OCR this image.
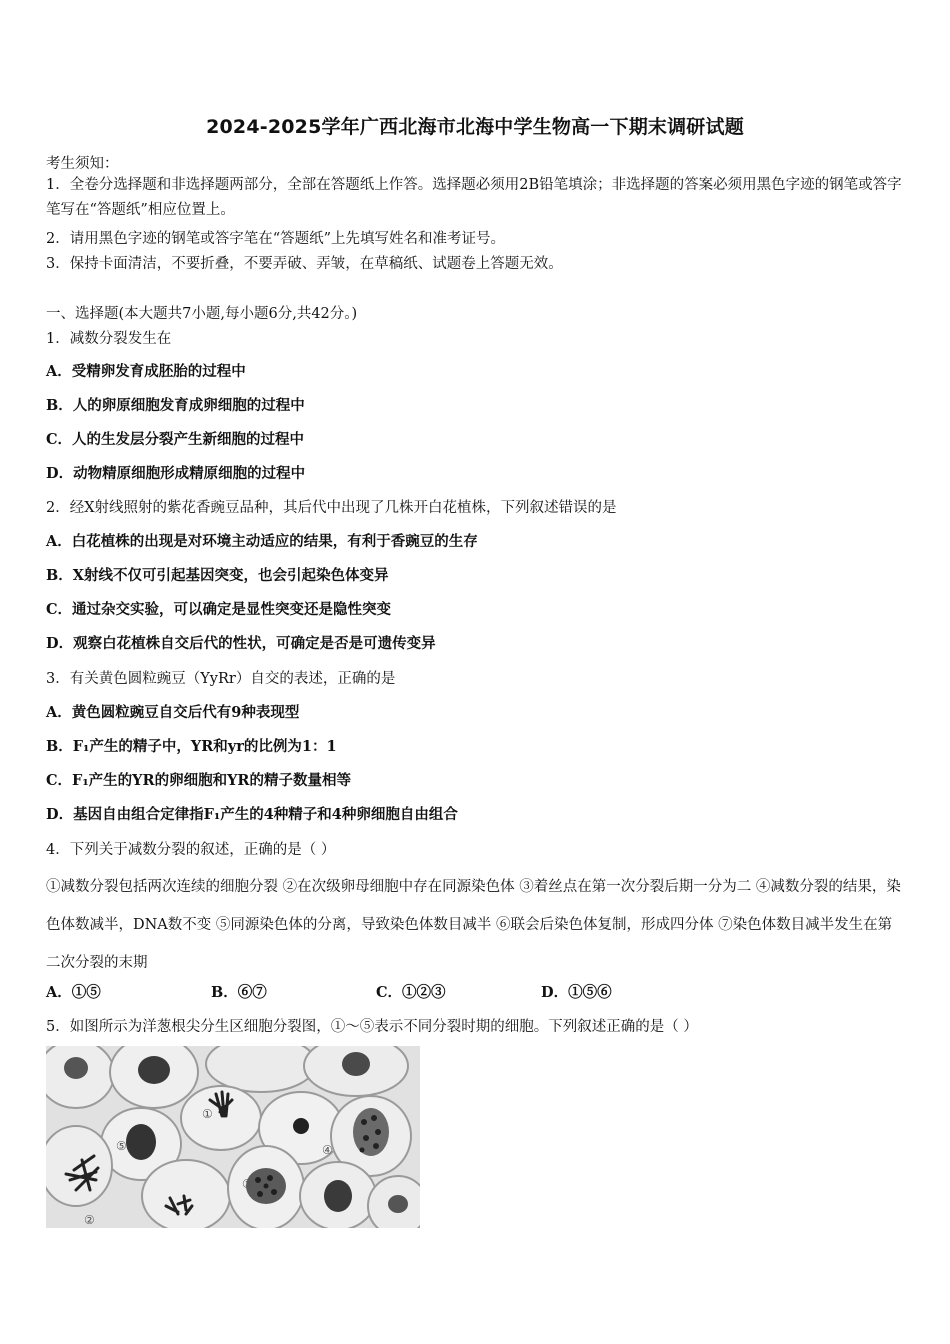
2024-2025学年广西北海市北海中学生物高一下期末调研试题
考生须知：
1．全卷分选择题和非选择题两部分，全部在答题纸上作答。选择题必须用2B铅笔填涂；非选择题的答案必须用黑色字迹的钢笔或答字笔写在“答题纸”相应位置上。
2．请用黑色字迹的钢笔或答字笔在“答题纸”上先填写姓名和准考证号。
3．保持卡面清洁，不要折叠，不要弄破、弄皱，在草稿纸、试题卷上答题无效。
一、选择题(本大题共7小题,每小题6分,共42分。)
1．减数分裂发生在
A．受精卵发育成胚胎的过程中
B．人的卵原细胞发育成卵细胞的过程中
C．人的生发层分裂产生新细胞的过程中
D．动物精原细胞形成精原细胞的过程中
2．经X射线照射的紫花香豌豆品种，其后代中出现了几株开白花植株，下列叙述错误的是
A．白花植株的出现是对环境主动适应的结果，有利于香豌豆的生存
B．X射线不仅可引起基因突变，也会引起染色体变异
C．通过杂交实验，可以确定是显性突变还是隐性突变
D．观察白花植株自交后代的性状，可确定是否是可遗传变异
3．有关黄色圆粒豌豆（YyRr）自交的表述，正确的是
A．黄色圆粒豌豆自交后代有9种表现型
B．F₁产生的精子中，YR和yr的比例为1：1
C．F₁产生的YR的卵细胞和YR的精子数量相等
D．基因自由组合定律指F₁产生的4种精子和4种卵细胞自由组合
4．下列关于减数分裂的叙述，正确的是（ ）
①减数分裂包括两次连续的细胞分裂 ②在次级卵母细胞中存在同源染色体 ③着丝点在第一次分裂后期一分为二 ④减数分裂的结果，染色体数减半，DNA数不变 ⑤同源染色体的分离，导致染色体数目减半 ⑥联会后染色体复制，形成四分体 ⑦染色体数目减半发生在第二次分裂的末期
A．①⑤	B．⑥⑦	C．①②③	D．①⑤⑥
5．如图所示为洋葱根尖分生区细胞分裂图，①～⑤表示不同分裂时期的细胞。下列叙述正确的是（ ）
①
②
③
④
⑤
